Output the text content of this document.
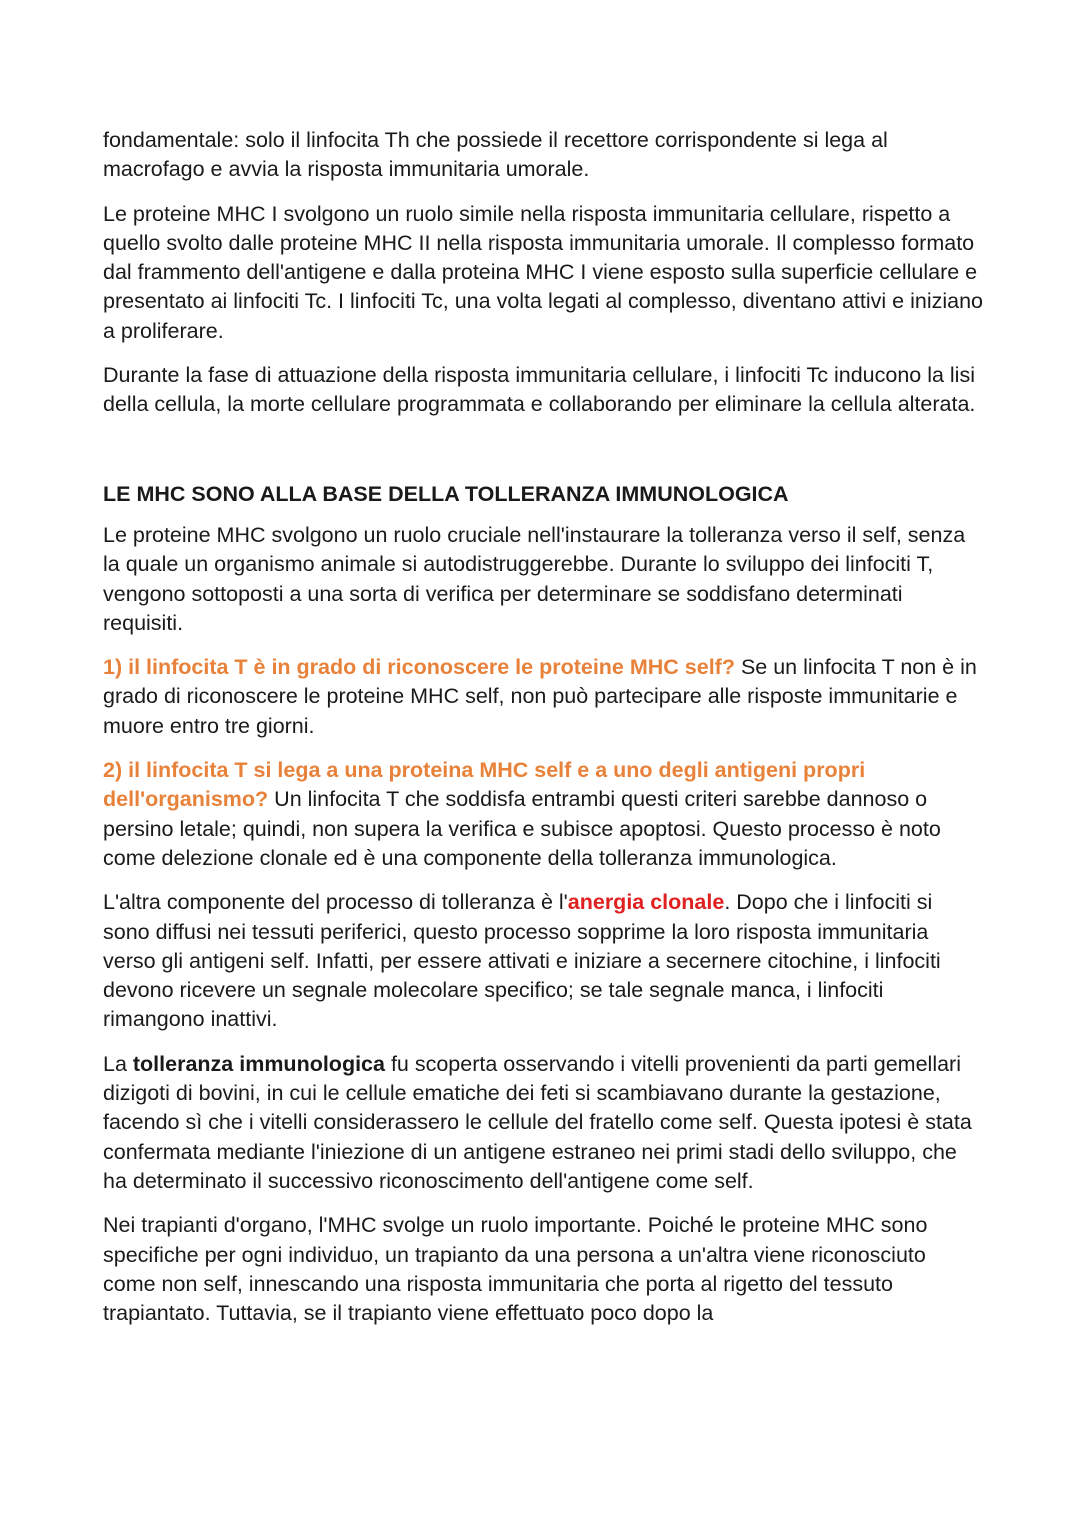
fondamentale: solo il linfocita Th che possiede il recettore corrispondente si lega al macrofago e avvia la risposta immunitaria umorale.

Le proteine MHC I svolgono un ruolo simile nella risposta immunitaria cellulare, rispetto a quello svolto dalle proteine MHC II nella risposta immunitaria umorale. Il complesso formato dal frammento dell'antigene e dalla proteina MHC I viene esposto sulla superficie cellulare e presentato ai linfociti Tc. I linfociti Tc, una volta legati al complesso, diventano attivi e iniziano a proliferare.

Durante la fase di attuazione della risposta immunitaria cellulare, i linfociti Tc inducono la lisi della cellula, la morte cellulare programmata e collaborando per eliminare la cellula alterata.

LE MHC SONO ALLA BASE DELLA TOLLERANZA IMMUNOLOGICA

Le proteine MHC svolgono un ruolo cruciale nell'instaurare la tolleranza verso il self, senza la quale un organismo animale si autodistruggerebbe. Durante lo sviluppo dei linfociti T, vengono sottoposti a una sorta di verifica per determinare se soddisfano determinati requisiti.

1) il linfocita T è in grado di riconoscere le proteine MHC self? Se un linfocita T non è in grado di riconoscere le proteine MHC self, non può partecipare alle risposte immunitarie e muore entro tre giorni.

2) il linfocita T si lega a una proteina MHC self e a uno degli antigeni propri dell'organismo? Un linfocita T che soddisfa entrambi questi criteri sarebbe dannoso o persino letale; quindi, non supera la verifica e subisce apoptosi. Questo processo è noto come delezione clonale ed è una componente della tolleranza immunologica.

L'altra componente del processo di tolleranza è l'anergia clonale. Dopo che i linfociti si sono diffusi nei tessuti periferici, questo processo sopprime la loro risposta immunitaria verso gli antigeni self. Infatti, per essere attivati e iniziare a secernere citochine, i linfociti devono ricevere un segnale molecolare specifico; se tale segnale manca, i linfociti rimangono inattivi.

La tolleranza immunologica fu scoperta osservando i vitelli provenienti da parti gemellari dizigoti di bovini, in cui le cellule ematiche dei feti si scambiavano durante la gestazione, facendo sì che i vitelli considerassero le cellule del fratello come self. Questa ipotesi è stata confermata mediante l'iniezione di un antigene estraneo nei primi stadi dello sviluppo, che ha determinato il successivo riconoscimento dell'antigene come self.

Nei trapianti d'organo, l'MHC svolge un ruolo importante. Poiché le proteine MHC sono specifiche per ogni individuo, un trapianto da una persona a un'altra viene riconosciuto come non self, innescando una risposta immunitaria che porta al rigetto del tessuto trapiantato. Tuttavia, se il trapianto viene effettuato poco dopo la
